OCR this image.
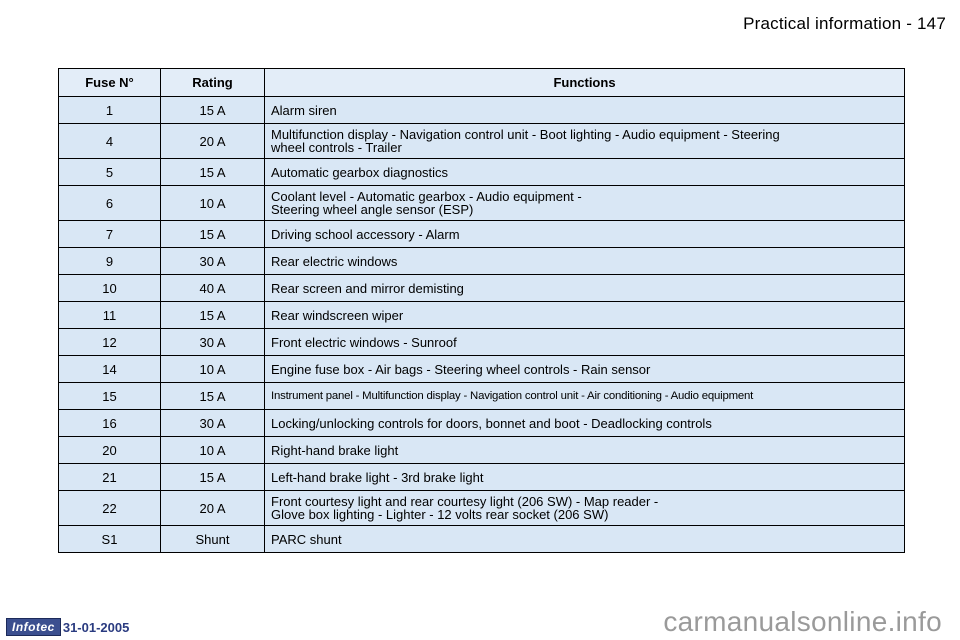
Practical information - 147
Fuse N°	Rating	Functions
1	15 A	Alarm siren

4	20 A	Multifunction display - Navigation control unit - Boot lighting - Audio equipment - Steering
wheel controls - Trailer

5	15 A	Automatic gearbox diagnostics

6	10 A	Coolant level - Automatic gearbox - Audio equipment -
Steering wheel angle sensor (ESP)

7	15 A	Driving school accessory - Alarm

9	30 A	Rear electric windows

10	40 A	Rear screen and mirror demisting

11	15 A	Rear windscreen wiper

12	30 A	Front electric windows - Sunroof

14	10 A	Engine fuse box - Air bags - Steering wheel controls - Rain sensor

15	15 A	Instrument panel - Multifunction display - Navigation control unit - Air conditioning - Audio equipment

16	30 A	Locking/unlocking controls for doors, bonnet and boot - Deadlocking controls

20	10 A	Right-hand brake light

21	15 A	Left-hand brake light - 3rd brake light

22	20 A	Front courtesy light and rear courtesy light (206 SW) - Map reader -
Glove box lighting - Lighter - 12 volts rear socket (206 SW)

S1	Shunt	PARC shunt
Infotec 31-01-2005	carmanualsonline.info
